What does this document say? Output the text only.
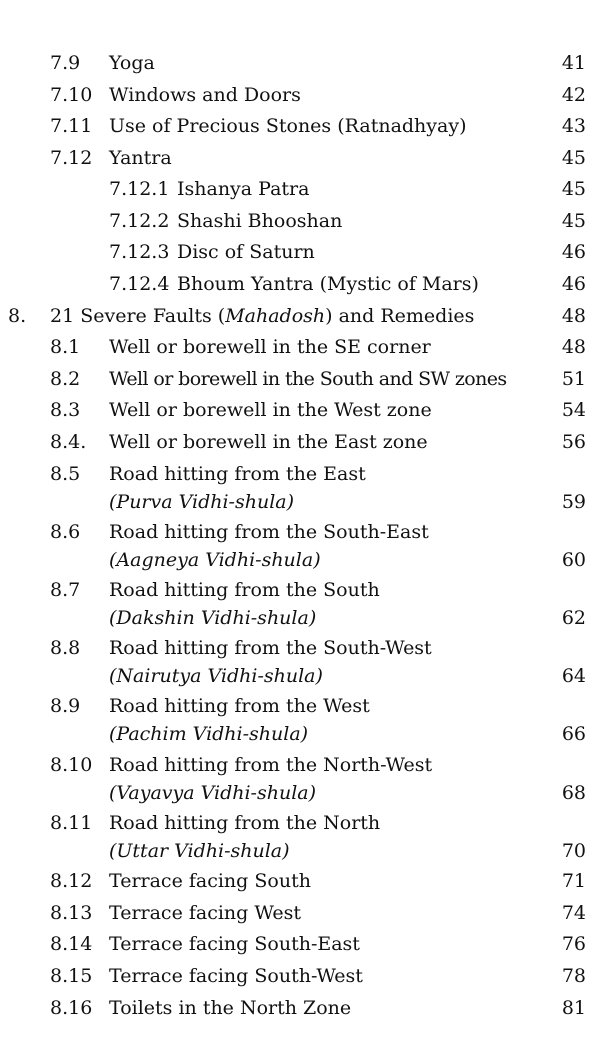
7.9 Yoga	41
7.10 Windows and Doors	42
7.11 Use of Precious Stones (Ratnadhyay)	43
7.12 Yantra	45
7.12.1 Ishanya Patra	45
7.12.2 Shashi Bhooshan	45
7.12.3 Disc of Saturn	46
7.12.4 Bhoum Yantra (Mystic of Mars)	46
8. 21 Severe Faults (Mahadosh) and Remedies	48
8.1 Well or borewell in the SE corner	48
8.2 Well or borewell in the South and SW zones	51
8.3 Well or borewell in the West zone	54
8.4. Well or borewell in the East zone	56
8.5 Road hitting from the East
(Purva Vidhi-shula)	59
8.6 Road hitting from the South-East
(Aagneya Vidhi-shula)	60
8.7 Road hitting from the South
(Dakshin Vidhi-shula)	62
8.8 Road hitting from the South-West
(Nairutya Vidhi-shula)	64
8.9 Road hitting from the West
(Pachim Vidhi-shula)	66
8.10 Road hitting from the North-West
(Vayavya Vidhi-shula)	68
8.11 Road hitting from the North
(Uttar Vidhi-shula)	70
8.12 Terrace facing South	71
8.13 Terrace facing West	74
8.14 Terrace facing South-East	76
8.15 Terrace facing South-West	78
8.16 Toilets in the North Zone	81
